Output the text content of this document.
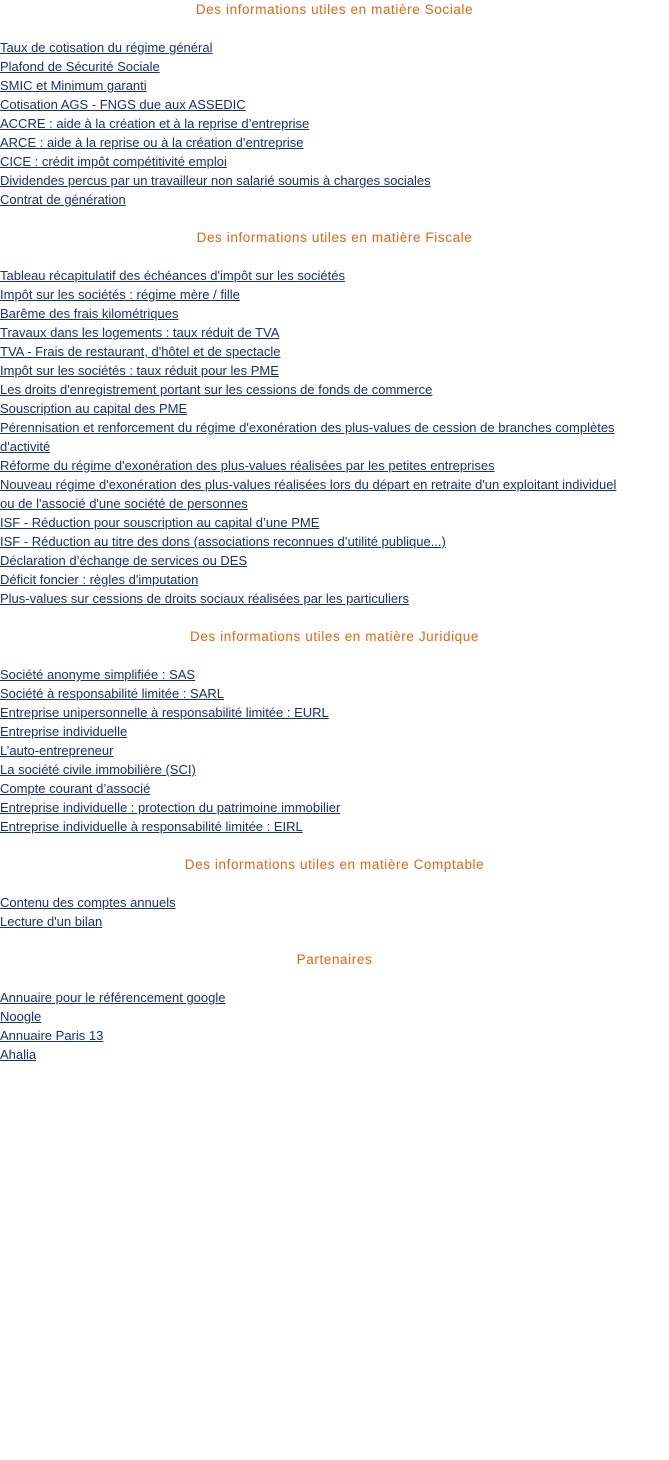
Des informations utiles en matière Sociale
Taux de cotisation du régime général
Plafond de Sécurité Sociale
SMIC et Minimum garanti
Cotisation AGS - FNGS due aux ASSEDIC
ACCRE : aide à la création et à la reprise d’entreprise
ARCE : aide à la reprise ou à la création d’entreprise
CICE : crédit impôt compétitivité emploi
Dividendes percus par un travailleur non salarié soumis à charges sociales
Contrat de génération
Des informations utiles en matière Fiscale
Tableau récapitulatif des échéances d'impôt sur les sociétés
Impôt sur les sociétés : régime mère / fille
Barême des frais kilométriques
Travaux dans les logements : taux réduit de TVA
TVA - Frais de restaurant, d'hôtel et de spectacle
Impôt sur les sociétés : taux réduit pour les PME
Les droits d'enregistrement portant sur les cessions de fonds de commerce
Souscription au capital des PME
Pérennisation et renforcement du régime d'exonération des plus-values de cession de branches complètes d'activité
Réforme du régime d'exonération des plus-values réalisées par les petites entreprises
Nouveau régime d'exonération des plus-values réalisées lors du départ en retraite d'un exploitant individuel ou de l'associé d'une société de personnes
ISF - Réduction pour souscription au capital d’une PME
ISF - Réduction au titre des dons (associations reconnues d’utilité publique...)
Déclaration d’échange de services ou DES
Déficit foncier : règles d'imputation
Plus-values sur cessions de droits sociaux réalisées par les particuliers
Des informations utiles en matière Juridique
Société anonyme simplifiée : SAS
Société à responsabilité limitée : SARL
Entreprise unipersonnelle à responsabilité limitée : EURL
Entreprise individuelle
L’auto-entrepreneur
La société civile immobilière (SCI)
Compte courant d’associé
Entreprise individuelle : protection du patrimoine immobilier
Entreprise individuelle à responsabilité limitée : EIRL
Des informations utiles en matière Comptable
Contenu des comptes annuels
Lecture d'un bilan
Partenaires
Annuaire pour le référencement google
Noogle
Annuaire Paris 13
Ahalia
